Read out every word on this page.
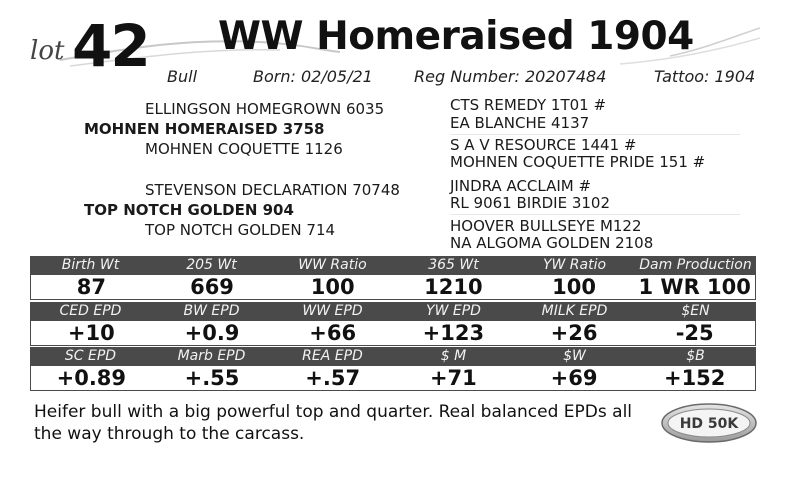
lot 42 WW Homeraised 1904
Bull	Born: 02/05/21	Reg Number: 20207484	Tattoo: 1904
ELLINGSON HOMEGROWN 6035
MOHNEN HOMERAISED 3758
MOHNEN COQUETTE 1126
STEVENSON DECLARATION 70748
TOP NOTCH GOLDEN 904
TOP NOTCH GOLDEN 714
CTS REMEDY 1T01 #
EA BLANCHE 4137
S A V RESOURCE 1441 #
MOHNEN COQUETTE PRIDE 151 #
JINDRA ACCLAIM #
RL 9061 BIRDIE 3102
HOOVER BULLSEYE M122
NA ALGOMA GOLDEN 2108
Birth Wt	205 Wt	WW Ratio	365 Wt	YW Ratio	Dam Production
87	669	100	1210	100	1 WR 100
CED EPD	BW EPD	WW EPD	YW EPD	MILK EPD	$EN
+10	+0.9	+66	+123	+26	-25
SC EPD	Marb EPD	REA EPD	$ M	$W	$B
+0.89	+.55	+.57	+71	+69	+152
Heifer bull with a big powerful top and quarter. Real balanced EPDs all the way through to the carcass.	HD 50K
